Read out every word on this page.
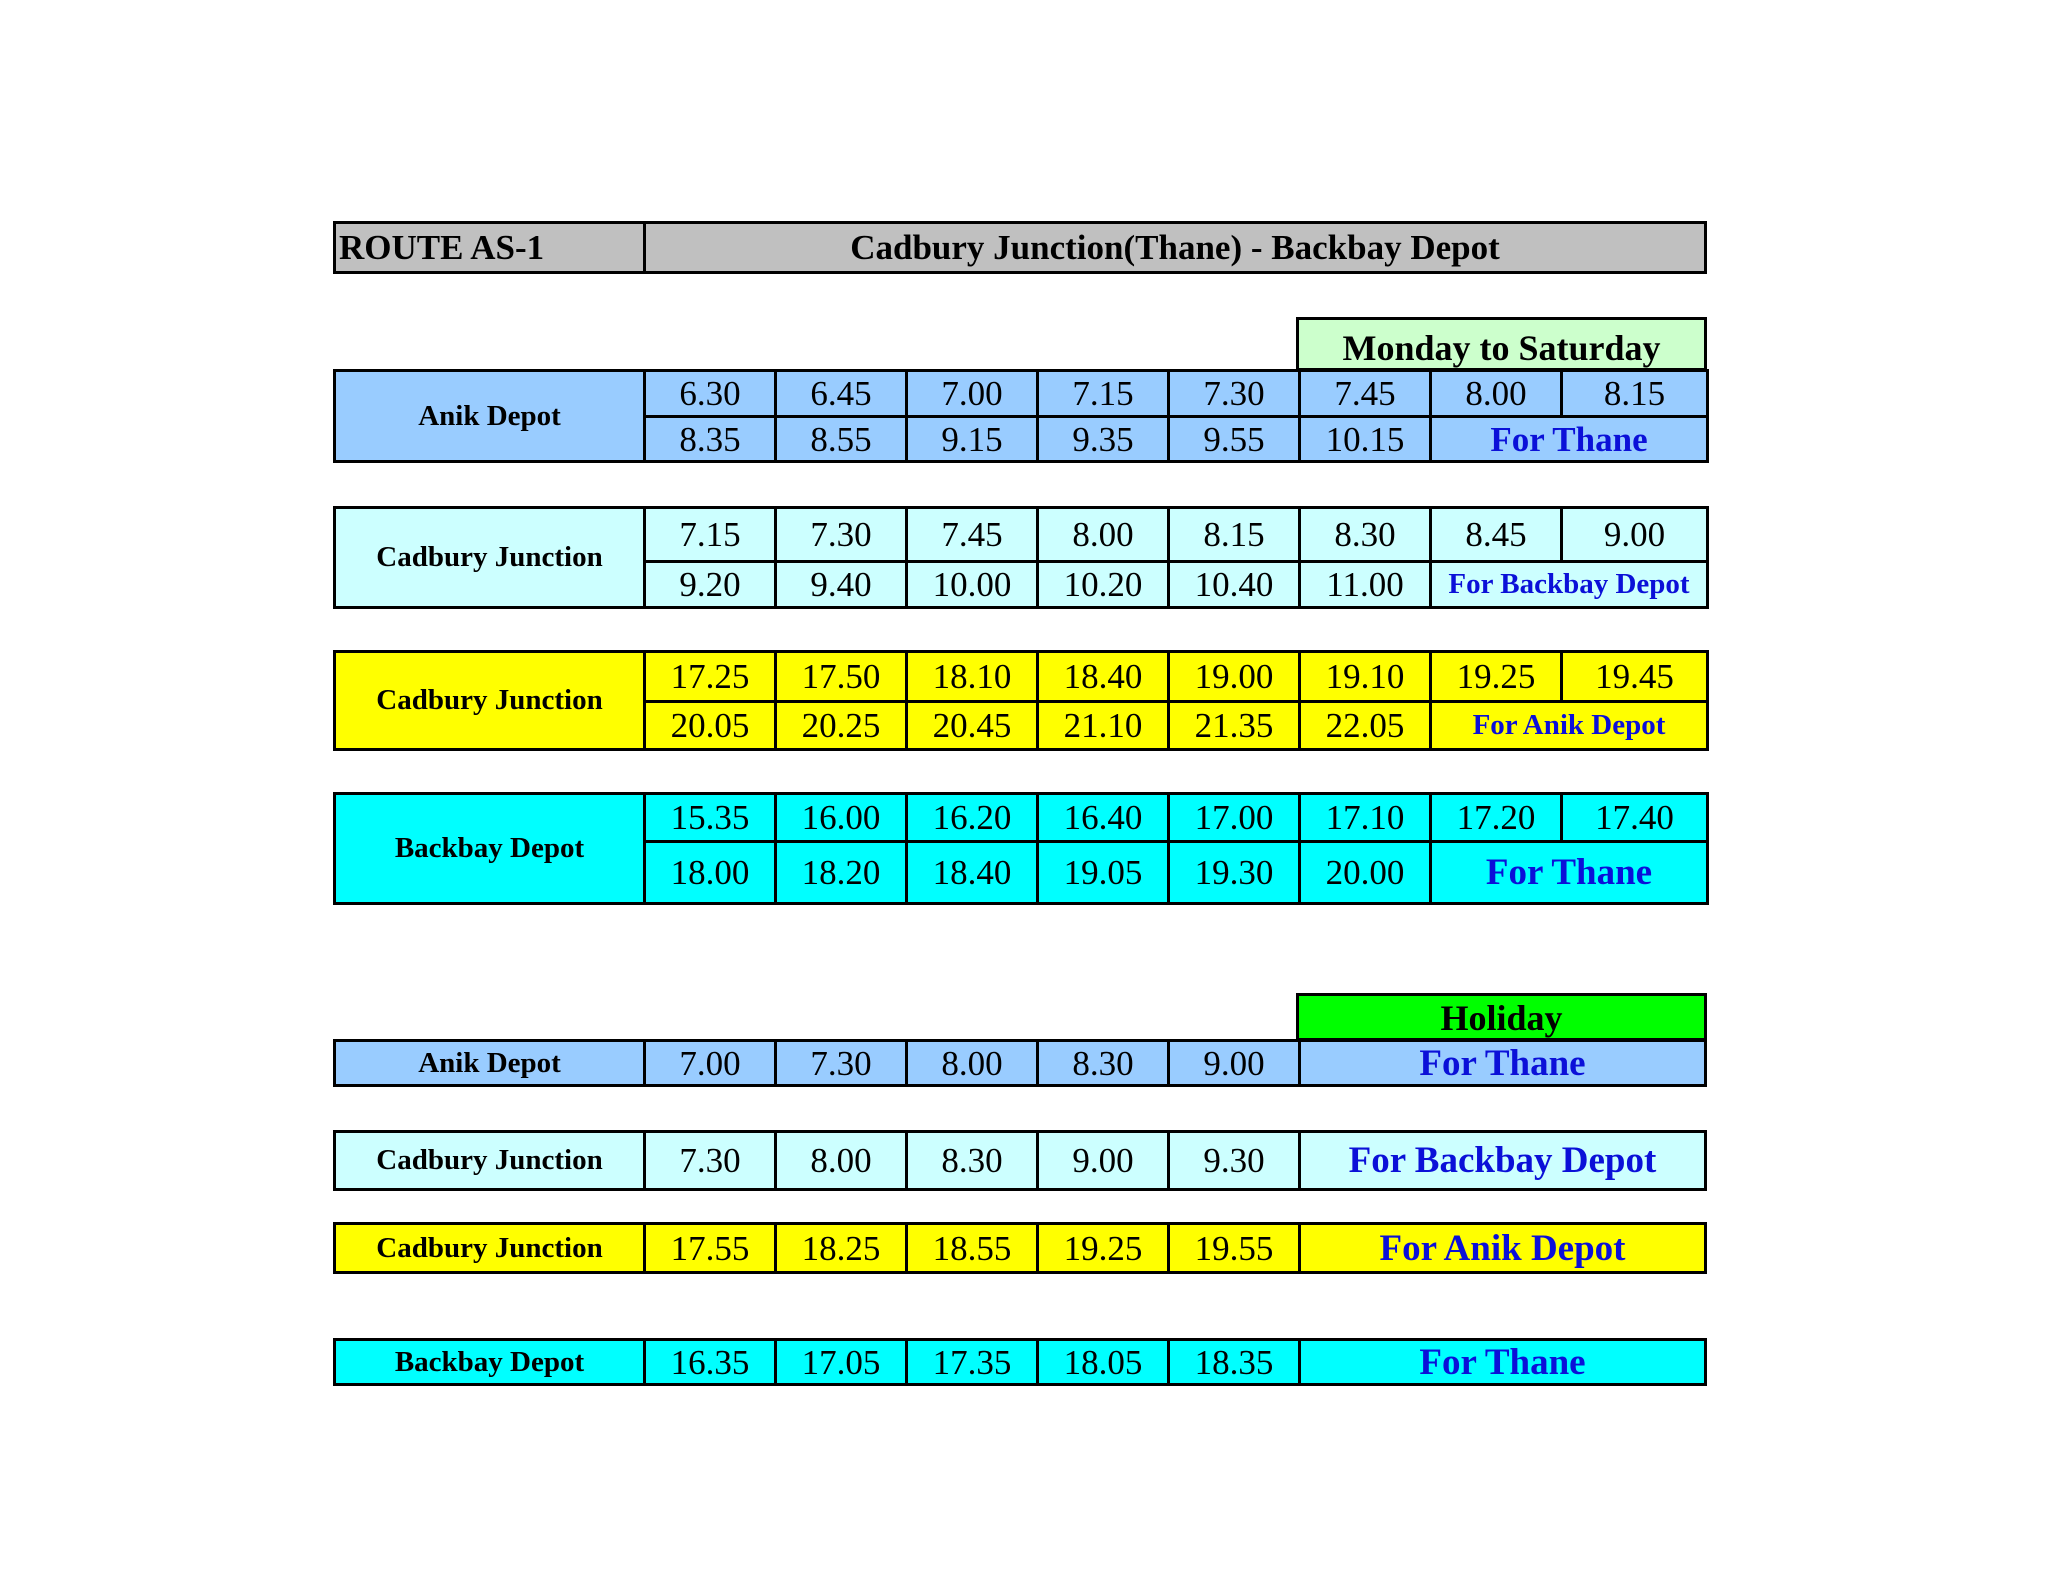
ROUTE AS-1	Cadbury Junction(Thane) - Backbay Depot
Monday to Saturday
Anik Depot	6.30	6.45	7.00	7.15	7.30	7.45	8.00	8.15
	8.35	8.55	9.15	9.35	9.55	10.15	For Thane	
Cadbury Junction	7.15	7.30	7.45	8.00	8.15	8.30	8.45	9.00
	9.20	9.40	10.00	10.20	10.40	11.00	For Backbay Depot	
Cadbury Junction	17.25	17.50	18.10	18.40	19.00	19.10	19.25	19.45
	20.05	20.25	20.45	21.10	21.35	22.05	For Anik Depot	
Backbay Depot	15.35	16.00	16.20	16.40	17.00	17.10	17.20	17.40
	18.00	18.20	18.40	19.05	19.30	20.00	For Thane	
Holiday
Anik Depot	7.00	7.30	8.00	8.30	9.00	For Thane
Cadbury Junction	7.30	8.00	8.30	9.00	9.30	For Backbay Depot
Cadbury Junction	17.55	18.25	18.55	19.25	19.55	For Anik Depot
Backbay Depot	16.35	17.05	17.35	18.05	18.35	For Thane
